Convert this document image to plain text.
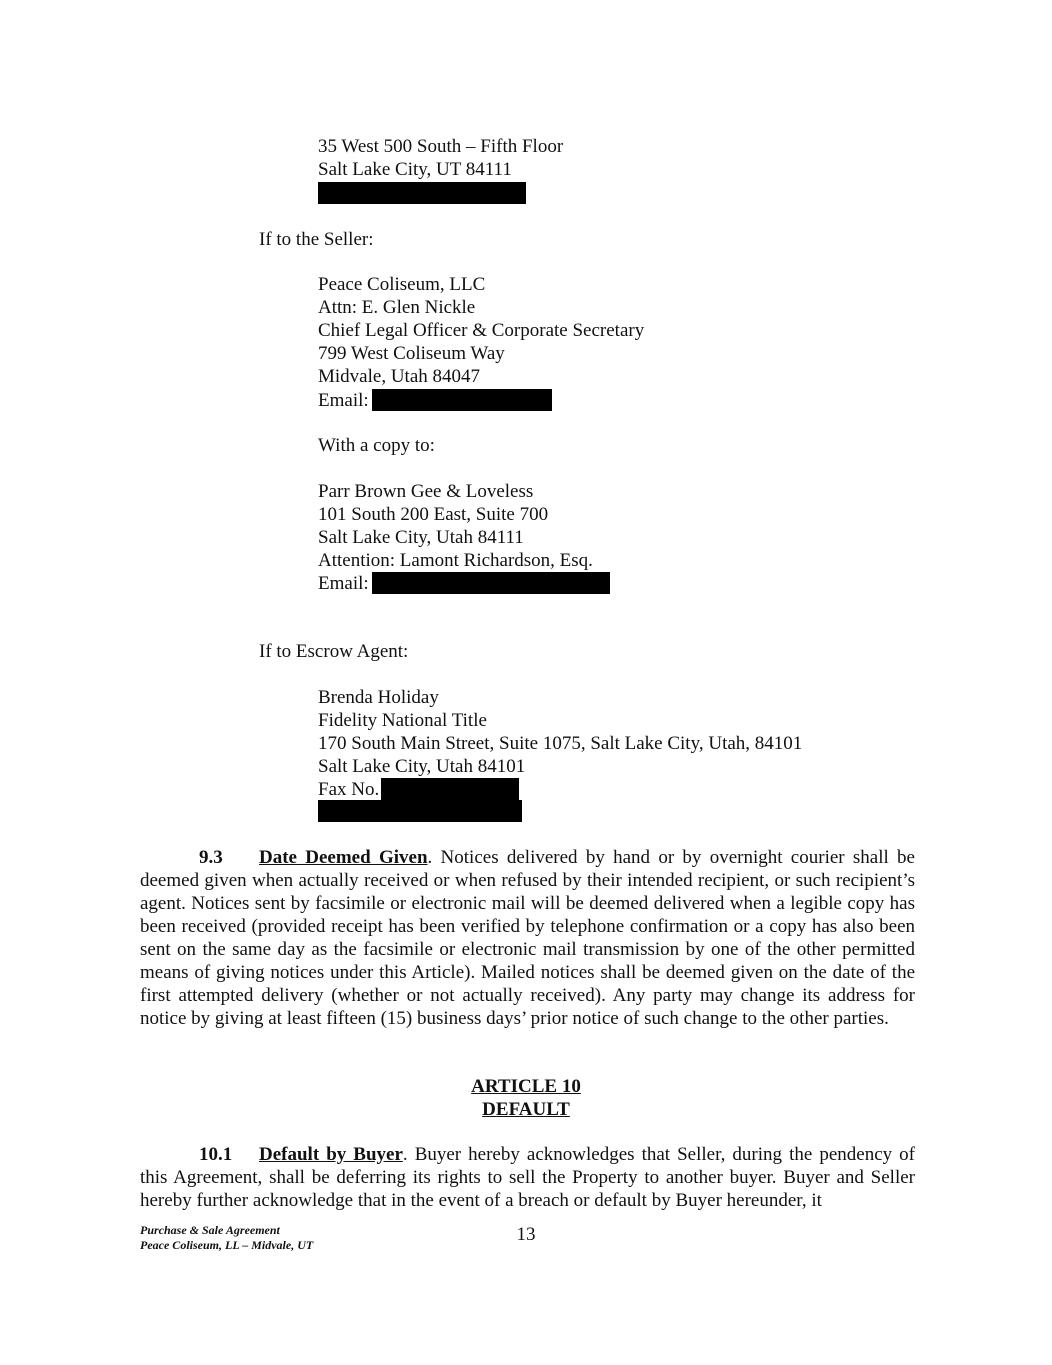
35 West 500 South – Fifth Floor
Salt Lake City, UT 84111
If to the Seller:
Peace Coliseum, LLC
Attn: E. Glen Nickle
Chief Legal Officer & Corporate Secretary
799 West Coliseum Way
Midvale, Utah 84047
Email:
With a copy to:
Parr Brown Gee & Loveless
101 South 200 East, Suite 700
Salt Lake City, Utah 84111
Attention: Lamont Richardson, Esq.
Email:
If to Escrow Agent:
Brenda Holiday
Fidelity National Title
170 South Main Street, Suite 1075, Salt Lake City, Utah, 84101
Salt Lake City, Utah 84101
Fax No.
9.3 Date Deemed Given. Notices delivered by hand or by overnight courier shall be deemed given when actually received or when refused by their intended recipient, or such recipient’s agent. Notices sent by facsimile or electronic mail will be deemed delivered when a legible copy has been received (provided receipt has been verified by telephone confirmation or a copy has also been sent on the same day as the facsimile or electronic mail transmission by one of the other permitted means of giving notices under this Article). Mailed notices shall be deemed given on the date of the first attempted delivery (whether or not actually received). Any party may change its address for notice by giving at least fifteen (15) business days’ prior notice of such change to the other parties.
ARTICLE 10
DEFAULT
10.1 Default by Buyer. Buyer hereby acknowledges that Seller, during the pendency of this Agreement, shall be deferring its rights to sell the Property to another buyer. Buyer and Seller hereby further acknowledge that in the event of a breach or default by Buyer hereunder, it
Purchase & Sale Agreement
Peace Coliseum, LL – Midvale, UT	13
